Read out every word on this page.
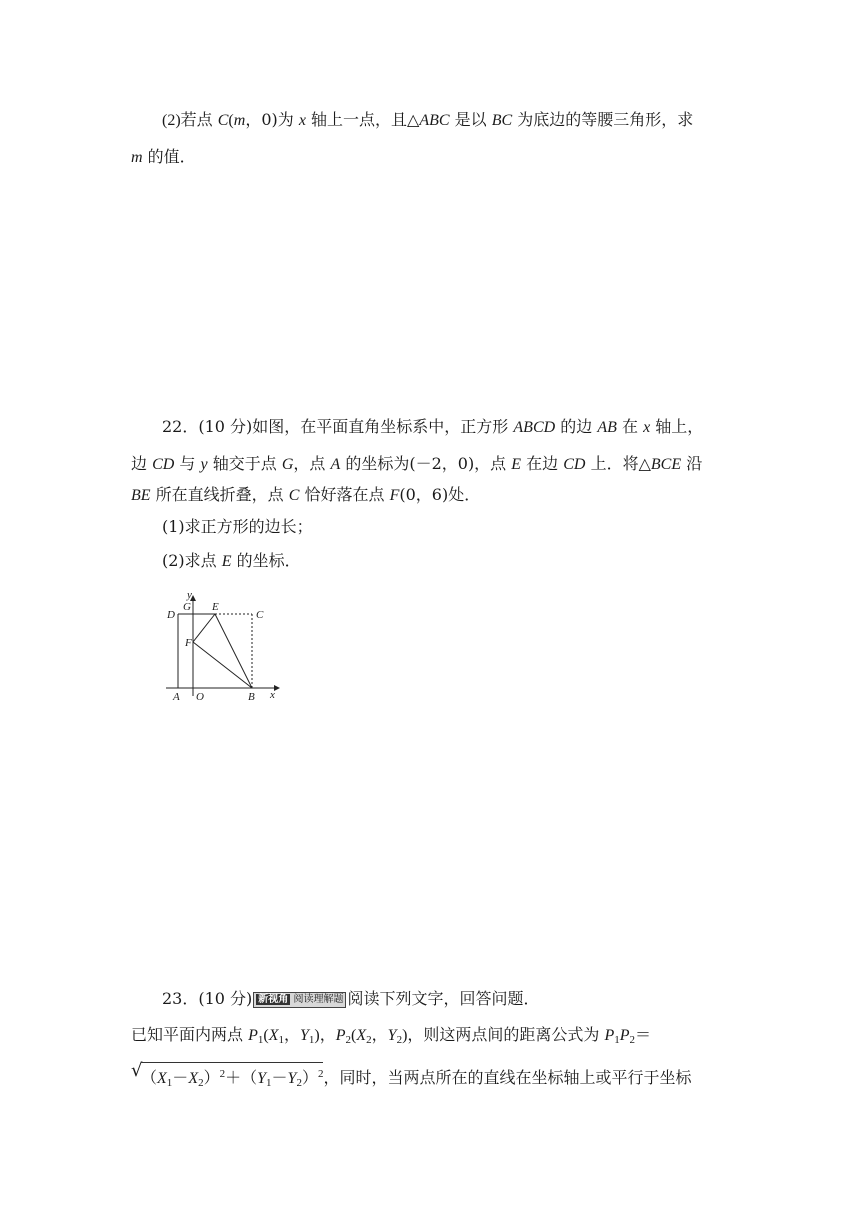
(2)若点 C(m，0)为 x 轴上一点，且△ABC 是以 BC 为底边的等腰三角形，求
m 的值．
22．(10 分)如图，在平面直角坐标系中，正方形 ABCD 的边 AB 在 x 轴上，
边 CD 与 y 轴交于点 G，点 A 的坐标为(－2，0)，点 E 在边 CD 上．将△BCE 沿
BE 所在直线折叠，点 C 恰好落在点 F(0，6)处．
(1)求正方形的边长；
(2)求点 E 的坐标．
y
x
D
G E
C
F
A O	B
23．(10 分) 新视角 阅读理解题 阅读下列文字，回答问题．
已知平面内两点 $P_1(X_1$，$Y_1$)，$P_2(X_2$，$Y_2$)，则这两点间的距离公式为 $P_1P_2=$
√
$(X_1-X_2)^2+(Y_1-Y_2)^2$，同时，当两点所在的直线在坐标轴上或平行于坐标
